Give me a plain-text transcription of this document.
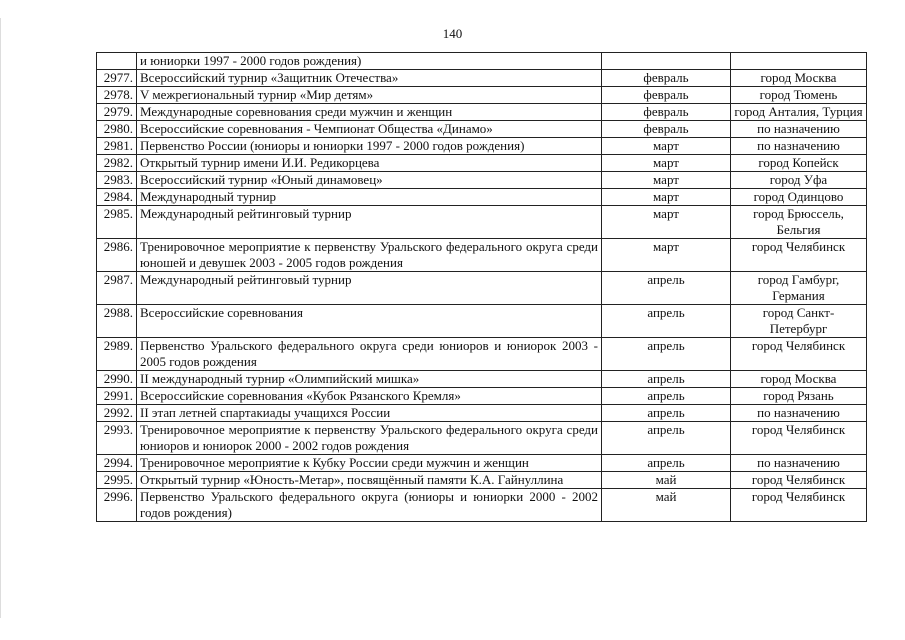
140
	и юниорки 1997 - 2000 годов рождения)		
2977.	Всероссийский турнир «Защитник Отечества»	февраль	город Москва
2978.	V межрегиональный турнир «Мир детям»	февраль	город Тюмень
2979.	Международные соревнования среди мужчин и женщин	февраль	город Анталия, Турция
2980.	Всероссийские соревнования - Чемпионат Общества «Динамо»	февраль	по назначению
2981.	Первенство России (юниоры и юниорки 1997 - 2000 годов рождения)	март	по назначению
2982.	Открытый турнир имени И.И. Редикорцева	март	город Копейск
2983.	Всероссийский турнир «Юный динамовец»	март	город Уфа
2984.	Международный турнир	март	город Одинцово
2985.	Международный рейтинговый турнир	март	город Брюссель, Бельгия
2986.	Тренировочное мероприятие к первенству Уральского федерального округа среди юношей и девушек 2003 - 2005 годов рождения	март	город Челябинск
2987.	Международный рейтинговый турнир	апрель	город Гамбург, Германия
2988.	Всероссийские соревнования	апрель	город Санкт-Петербург
2989.	Первенство Уральского федерального округа среди юниоров и юниорок 2003 - 2005 годов рождения	апрель	город Челябинск
2990.	II международный турнир «Олимпийский мишка»	апрель	город Москва
2991.	Всероссийские соревнования «Кубок Рязанского Кремля»	апрель	город Рязань
2992.	II этап летней спартакиады учащихся России	апрель	по назначению
2993.	Тренировочное мероприятие к первенству Уральского федерального округа среди юниоров и юниорок 2000 - 2002 годов рождения	апрель	город Челябинск
2994.	Тренировочное мероприятие к Кубку России среди мужчин и женщин	апрель	по назначению
2995.	Открытый турнир «Юность-Метар», посвящённый памяти К.А. Гайнуллина	май	город Челябинск
2996.	Первенство Уральского федерального округа (юниоры и юниорки 2000 - 2002 годов рождения)	май	город Челябинск
